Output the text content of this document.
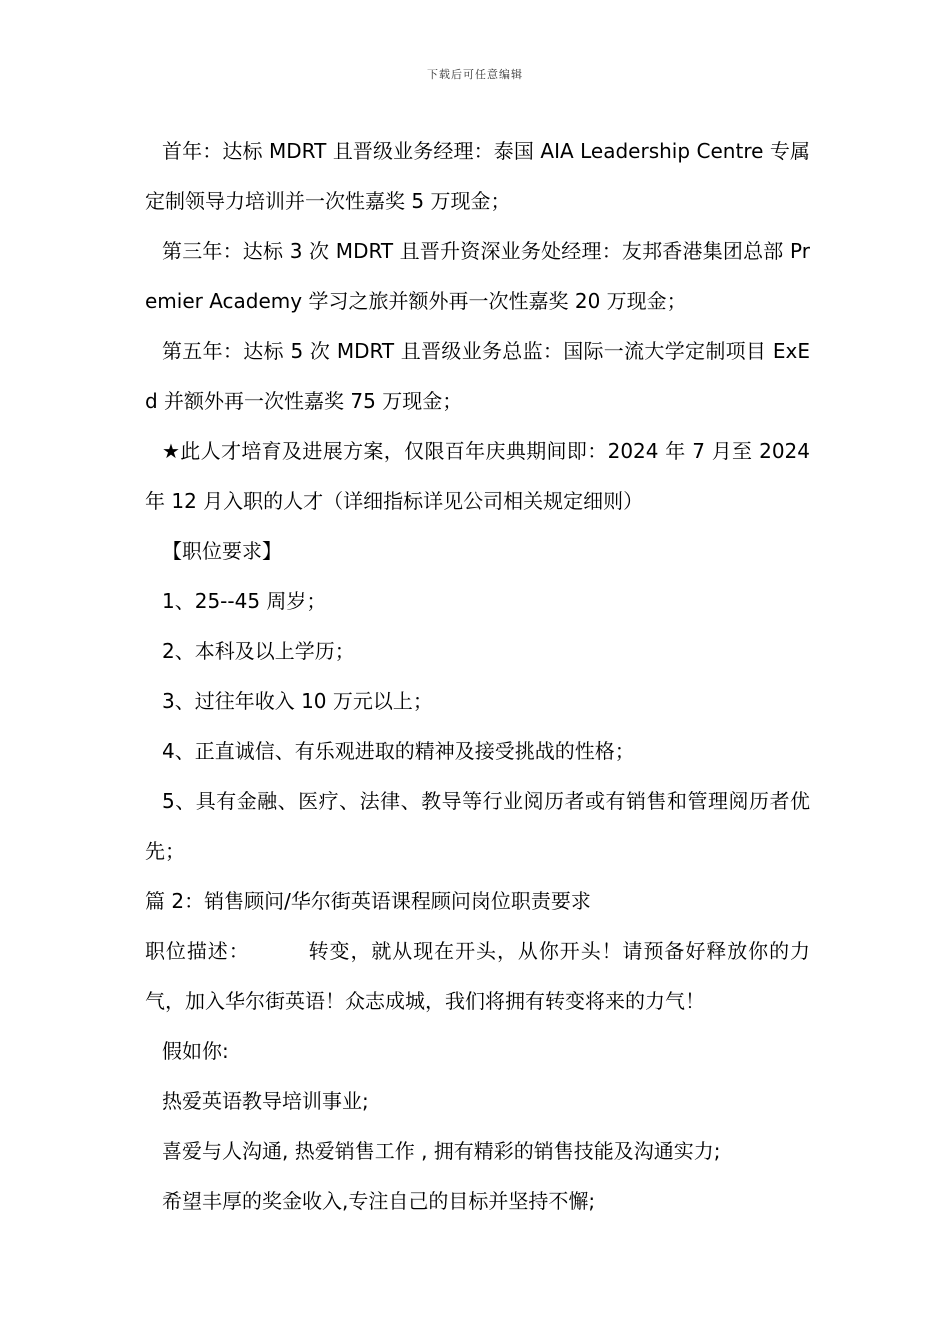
下载后可任意编辑

首年：达标 MDRT 且晋级业务经理：泰国 AIA Leadership Centre 专属定制领导力培训并一次性嘉奖 5 万现金；

第三年：达标 3 次 MDRT 且晋升资深业务处经理：友邦香港集团总部 Premier Academy 学习之旅并额外再一次性嘉奖 20 万现金；

第五年：达标 5 次 MDRT 且晋级业务总监：国际一流大学定制项目 ExEd 并额外再一次性嘉奖 75 万现金；

★此人才培育及进展方案，仅限百年庆典期间即：2024 年 7 月至 2024 年 12 月入职的人才（详细指标详见公司相关规定细则）

【职位要求】

1、25--45 周岁；

2、本科及以上学历；

3、过往年收入 10 万元以上；

4、正直诚信、有乐观进取的精神及接受挑战的性格；

5、具有金融、医疗、法律、教导等行业阅历者或有销售和管理阅历者优先；

篇 2：销售顾问/华尔街英语课程顾问岗位职责要求

职位描述：	转变，就从现在开头，从你开头！请预备好释放你的力气，加入华尔街英语！众志成城，我们将拥有转变将来的力气！

假如你:

热爱英语教导培训事业;

喜爱与人沟通, 热爱销售工作 , 拥有精彩的销售技能及沟通实力;

希望丰厚的奖金收入,专注自己的目标并坚持不懈;
